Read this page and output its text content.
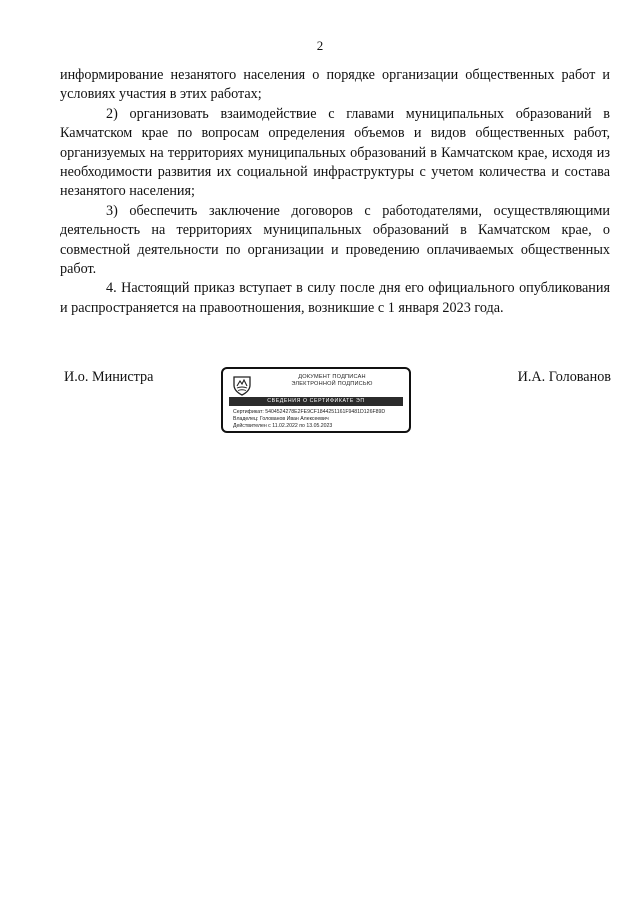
2

информирование незанятого населения о порядке организации общественных работ и условиях участия в этих работах;

2) организовать взаимодействие с главами муниципальных образований в Камчатском крае по вопросам определения объемов и видов общественных работ, организуемых на территориях муниципальных образований в Камчатском крае, исходя из необходимости развития их социальной инфраструктуры с учетом количества и состава незанятого населения;

3) обеспечить заключение договоров с работодателями, осуществляющими деятельность на территориях муниципальных образований в Камчатском крае, о совместной деятельности по организации и проведению оплачиваемых общественных работ.

4. Настоящий приказ вступает в силу после дня его официального опубликования и распространяется на правоотношения, возникшие с 1 января 2023 года.

И.о. Министра	ДОКУМЕНТ ПОДПИСАН
ЭЛЕКТРОННОЙ ПОДПИСЬЮ
СВЕДЕНИЯ О СЕРТИФИКАТЕ ЭП
Сертификат: 5404524278E2FE9CF1844251161F9481D126F89D
Владелец: Голованов Иван Алексеевич
Действителен с 11.02.2022 по 13.05.2023
И.А. Голованов
